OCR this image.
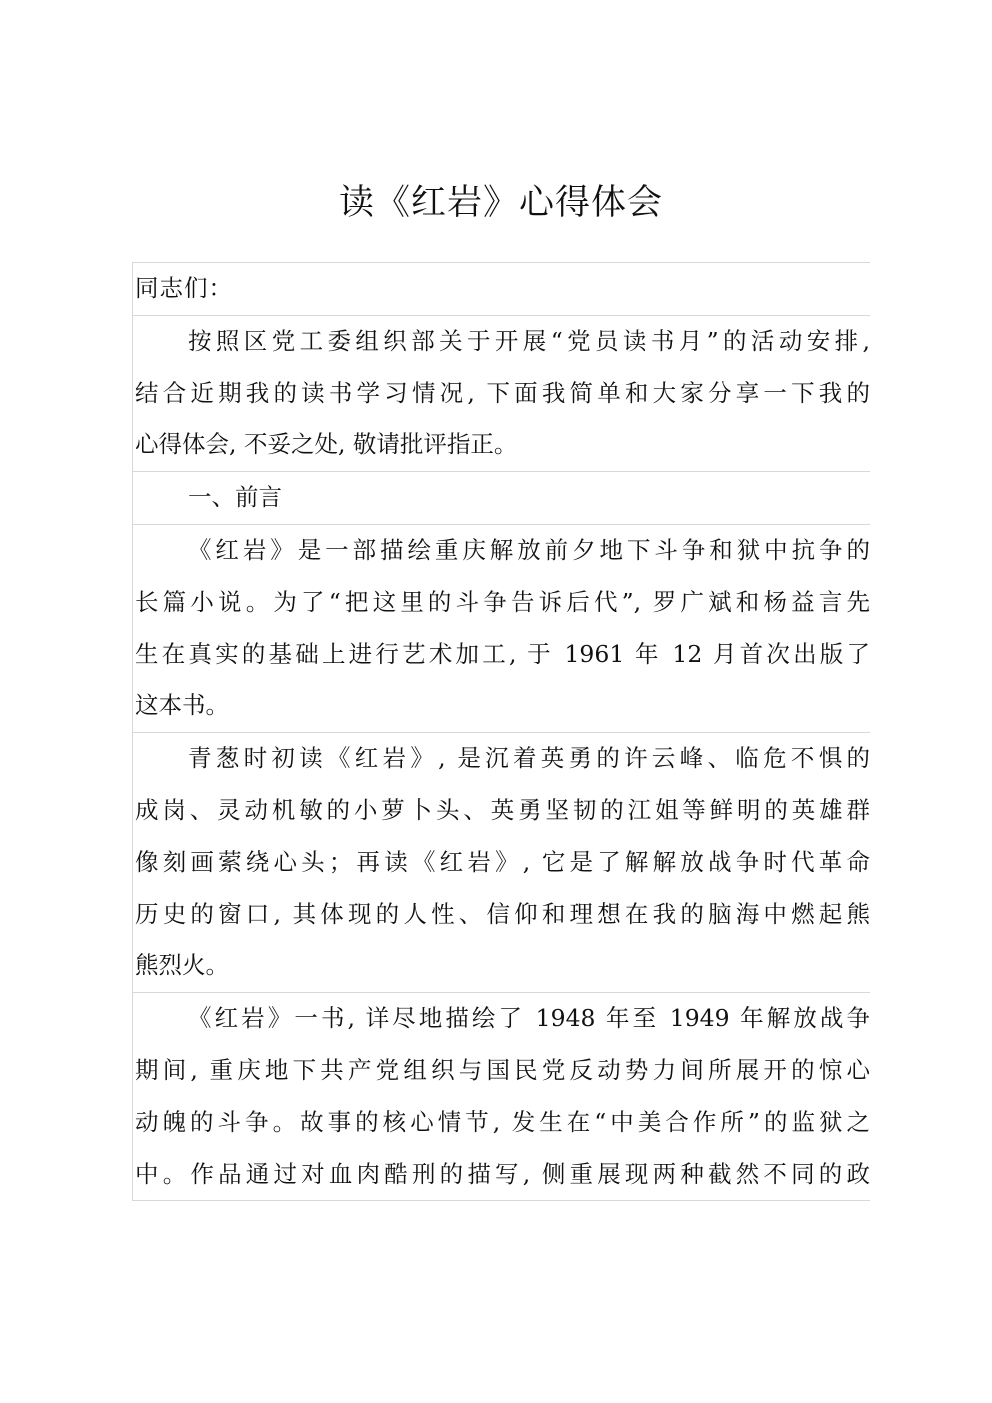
读《红岩》心得体会
同志们：
按照区党工委组织部关于开展“党员读书月”的活动安排,
结合近期我的读书学习情况, 下面我简单和大家分享一下我的
心得体会, 不妥之处, 敬请批评指正。
一、前言
《红岩》是一部描绘重庆解放前夕地下斗争和狱中抗争的
长篇小说。为了“把这里的斗争告诉后代”, 罗广斌和杨益言先
生在真实的基础上进行艺术加工, 于 1961 年 12 月首次出版了
这本书。
青葱时初读《红岩》, 是沉着英勇的许云峰、临危不惧的
成岗、灵动机敏的小萝卜头、英勇坚韧的江姐等鲜明的英雄群
像刻画萦绕心头；再读《红岩》, 它是了解解放战争时代革命
历史的窗口, 其体现的人性、信仰和理想在我的脑海中燃起熊
熊烈火。
《红岩》一书, 详尽地描绘了 1948 年至 1949 年解放战争
期间, 重庆地下共产党组织与国民党反动势力间所展开的惊心
动魄的斗争。故事的核心情节, 发生在“中美合作所”的监狱之
中。作品通过对血肉酷刑的描写, 侧重展现两种截然不同的政
